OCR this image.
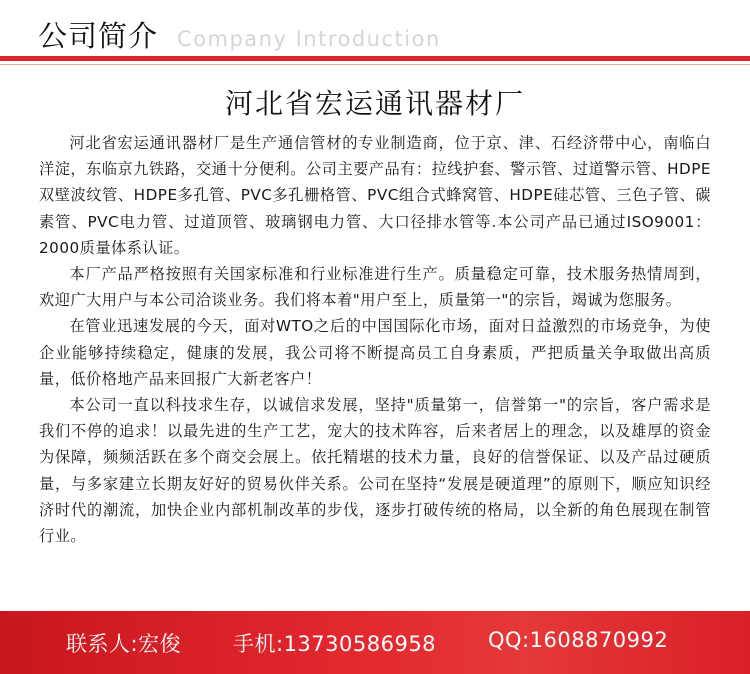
公司简介 Company Introduction
河北省宏运通讯器材厂

河北省宏运通讯器材厂是生产通信管材的专业制造商，位于京、津、石经济带中心，南临白洋淀，东临京九铁路，交通十分便利。公司主要产品有：拉线护套、警示管、过道警示管、HDPE双壁波纹管、HDPE多孔管、PVC多孔栅格管、PVC组合式蜂窝管、HDPE硅芯管、三色子管、碳素管、PVC电力管、过道顶管、玻璃钢电力管、大口径排水管等.本公司产品已通过ISO9001：2000质量体系认证。

本厂产品严格按照有关国家标准和行业标准进行生产。质量稳定可靠，技术服务热情周到，欢迎广大用户与本公司洽谈业务。我们将本着"用户至上，质量第一"的宗旨，竭诚为您服务。

在管业迅速发展的今天，面对WTO之后的中国国际化市场，面对日益激烈的市场竞争，为使企业能够持续稳定，健康的发展，我公司将不断提高员工自身素质，严把质量关争取做出高质量，低价格地产品来回报广大新老客户！

本公司一直以科技求生存，以诚信求发展，坚持"质量第一，信誉第一"的宗旨，客户需求是我们不停的追求！以最先进的生产工艺，宠大的技术阵容，后来者居上的理念，以及雄厚的资金为保障，频频活跃在多个商交会展上。依托精堪的技术力量，良好的信誉保证、以及产品过硬质量，与多家建立长期友好好的贸易伙伴关系。公司在坚持“发展是硬道理”的原则下，顺应知识经济时代的潮流，加快企业内部机制改革的步伐，逐步打破传统的格局，以全新的角色展现在制管行业。

联系人:宏俊 手机:13730586958 QQ:1608870992
